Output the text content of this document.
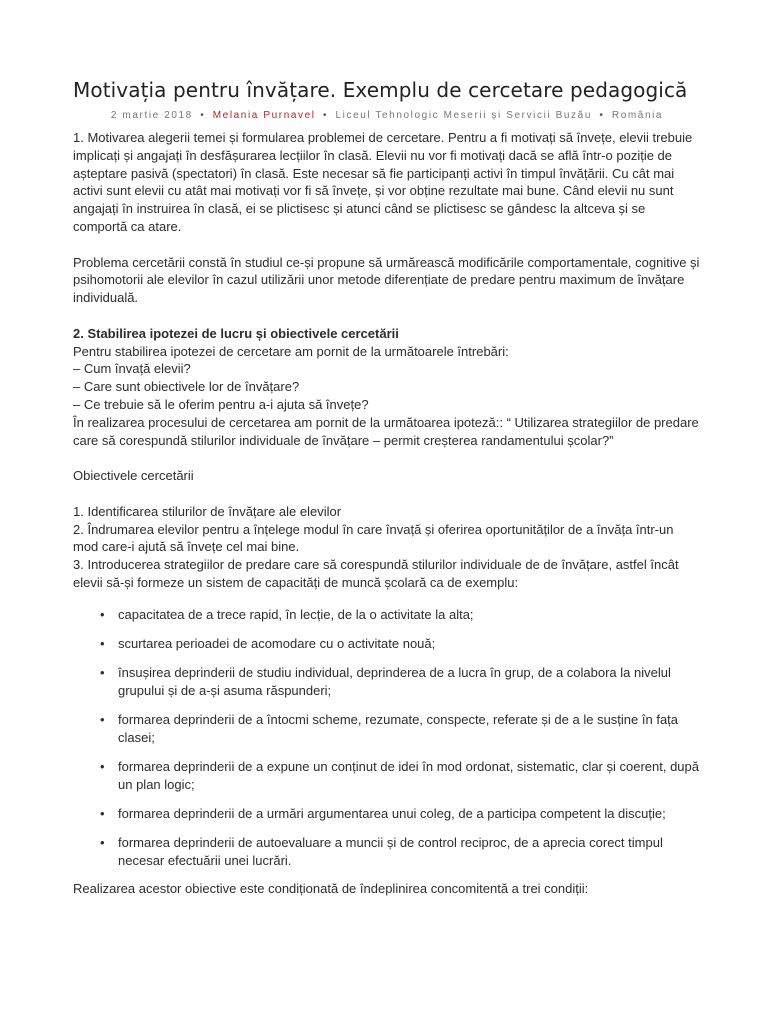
Motivația pentru învățare. Exemplu de cercetare pedagogică
2 martie 2018 • Melania Purnavel • Liceul Tehnologic Meserii și Servicii Buzău • România

1. Motivarea alegerii temei și formularea problemei de cercetare. Pentru a fi motivați să învețe, elevii trebuie implicați și angajați în desfășurarea lecțiilor în clasă. Elevii nu vor fi motivați dacă se află într-o poziție de așteptare pasivă (spectatori) în clasă. Este necesar să fie participanți activi în timpul învățării. Cu cât mai activi sunt elevii cu atât mai motivați vor fi să învețe, și vor obține rezultate mai bune. Când elevii nu sunt angajați în instruirea în clasă, ei se plictisesc și atunci când se plictisesc se gândesc la altceva și se comportă ca atare.

Problema cercetării constă în studiul ce-și propune să urmărească modificările comportamentale, cognitive și psihomotorii ale elevilor în cazul utilizării unor metode diferențiate de predare pentru maximum de învățare individuală.

2. Stabilirea ipotezei de lucru și obiectivele cercetării

Pentru stabilirea ipotezei de cercetare am pornit de la următoarele întrebări:

– Cum învață elevii?

– Care sunt obiectivele lor de învățare?

– Ce trebuie să le oferim pentru a-i ajuta să învețe?

În realizarea procesului de cercetarea am pornit de la următoarea ipoteză:: “ Utilizarea strategiilor de predare care să corespundă stilurilor individuale de învățare – permit creșterea randamentului școlar?”

Obiectivele cercetării

1. Identificarea stilurilor de învățare ale elevilor

2. Îndrumarea elevilor pentru a înțelege modul în care învață și oferirea oportunităților de a învăța într-un mod care-i ajută să învețe cel mai bine.

3. Introducerea strategiilor de predare care să corespundă stilurilor individuale de de învățare, astfel încât elevii să-și formeze un sistem de capacități de muncă școlară ca de exemplu:

• capacitatea de a trece rapid, în lecție, de la o activitate la alta;
• scurtarea perioadei de acomodare cu o activitate nouă;
• însușirea deprinderii de studiu individual, deprinderea de a lucra în grup, de a colabora la nivelul grupului și de a-și asuma răspunderi;
• formarea deprinderii de a întocmi scheme, rezumate, conspecte, referate și de a le susține în fața clasei;
• formarea deprinderii de a expune un conținut de idei în mod ordonat, sistematic, clar și coerent, după un plan logic;
• formarea deprinderii de a urmări argumentarea unui coleg, de a participa competent la discuție;
• formarea deprinderii de autoevaluare a muncii și de control reciproc, de a aprecia corect timpul necesar efectuării unei lucrări.

Realizarea acestor obiective este condiționată de îndeplinirea concomitentă a trei condiții:
